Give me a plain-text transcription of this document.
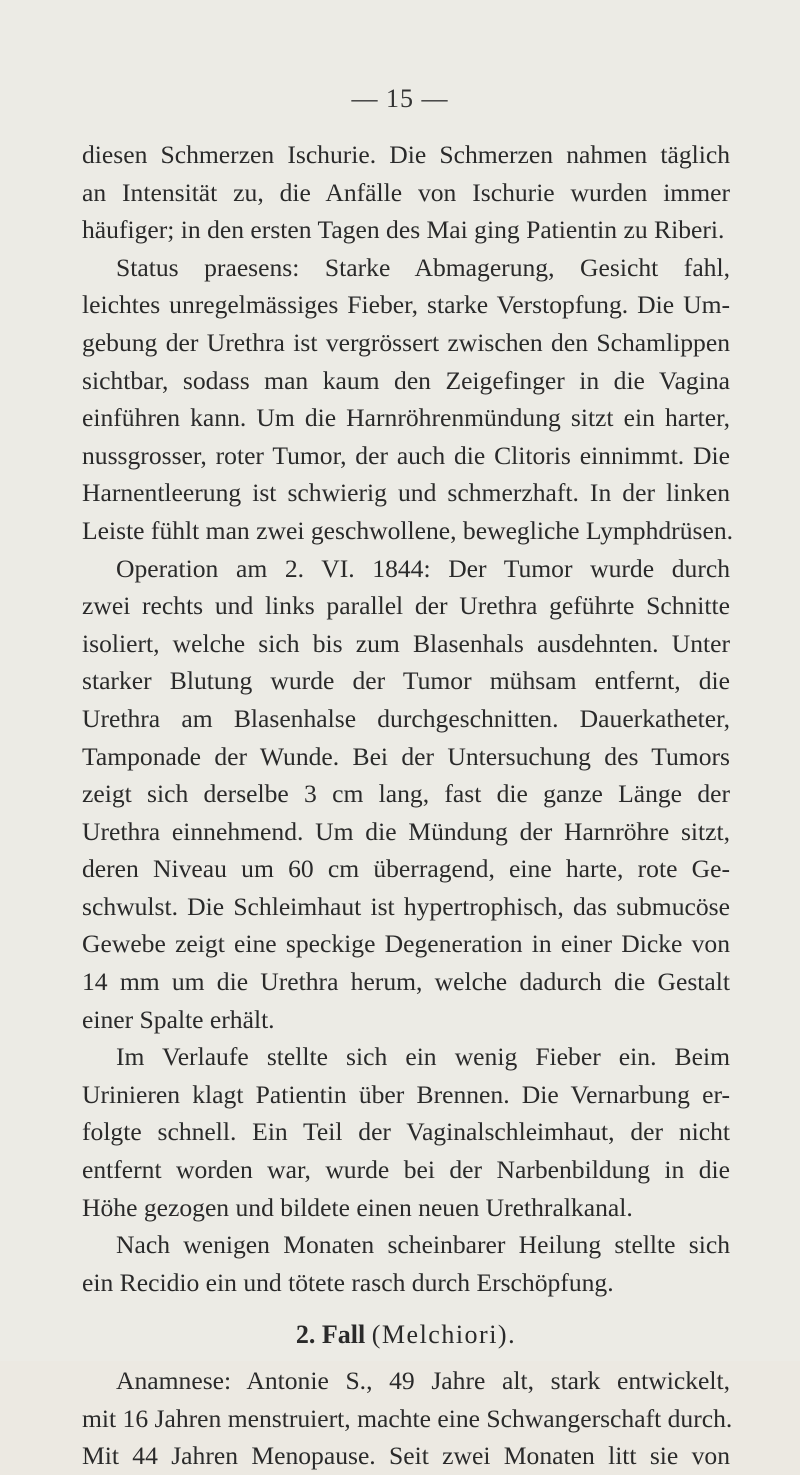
— 15 —
diesen Schmerzen Ischurie. Die Schmerzen nahmen täglich
an Intensität zu, die Anfälle von Ischurie wurden immer
häufiger; in den ersten Tagen des Mai ging Patientin zu Riberi.
Status praesens: Starke Abmagerung, Gesicht fahl,
leichtes unregelmässiges Fieber, starke Verstopfung. Die Um-
gebung der Urethra ist vergrössert zwischen den Schamlippen
sichtbar, sodass man kaum den Zeigefinger in die Vagina
einführen kann. Um die Harnröhrenmündung sitzt ein harter,
nussgrosser, roter Tumor, der auch die Clitoris einnimmt. Die
Harnentleerung ist schwierig und schmerzhaft. In der linken
Leiste fühlt man zwei geschwollene, bewegliche Lymphdrüsen.
Operation am 2. VI. 1844: Der Tumor wurde durch
zwei rechts und links parallel der Urethra geführte Schnitte
isoliert, welche sich bis zum Blasenhals ausdehnten. Unter
starker Blutung wurde der Tumor mühsam entfernt, die
Urethra am Blasenhalse durchgeschnitten. Dauerkatheter,
Tamponade der Wunde. Bei der Untersuchung des Tumors
zeigt sich derselbe 3 cm lang, fast die ganze Länge der
Urethra einnehmend. Um die Mündung der Harnröhre sitzt,
deren Niveau um 60 cm überragend, eine harte, rote Ge-
schwulst. Die Schleimhaut ist hypertrophisch, das submucöse
Gewebe zeigt eine speckige Degeneration in einer Dicke von
14 mm um die Urethra herum, welche dadurch die Gestalt
einer Spalte erhält.
Im Verlaufe stellte sich ein wenig Fieber ein. Beim
Urinieren klagt Patientin über Brennen. Die Vernarbung er-
folgte schnell. Ein Teil der Vaginalschleimhaut, der nicht
entfernt worden war, wurde bei der Narbenbildung in die
Höhe gezogen und bildete einen neuen Urethralkanal.
Nach wenigen Monaten scheinbarer Heilung stellte sich
ein Recidio ein und tötete rasch durch Erschöpfung.
2. Fall (Melchiori).
Anamnese: Antonie S., 49 Jahre alt, stark entwickelt,
mit 16 Jahren menstruiert, machte eine Schwangerschaft durch.
Mit 44 Jahren Menopause. Seit zwei Monaten litt sie von
